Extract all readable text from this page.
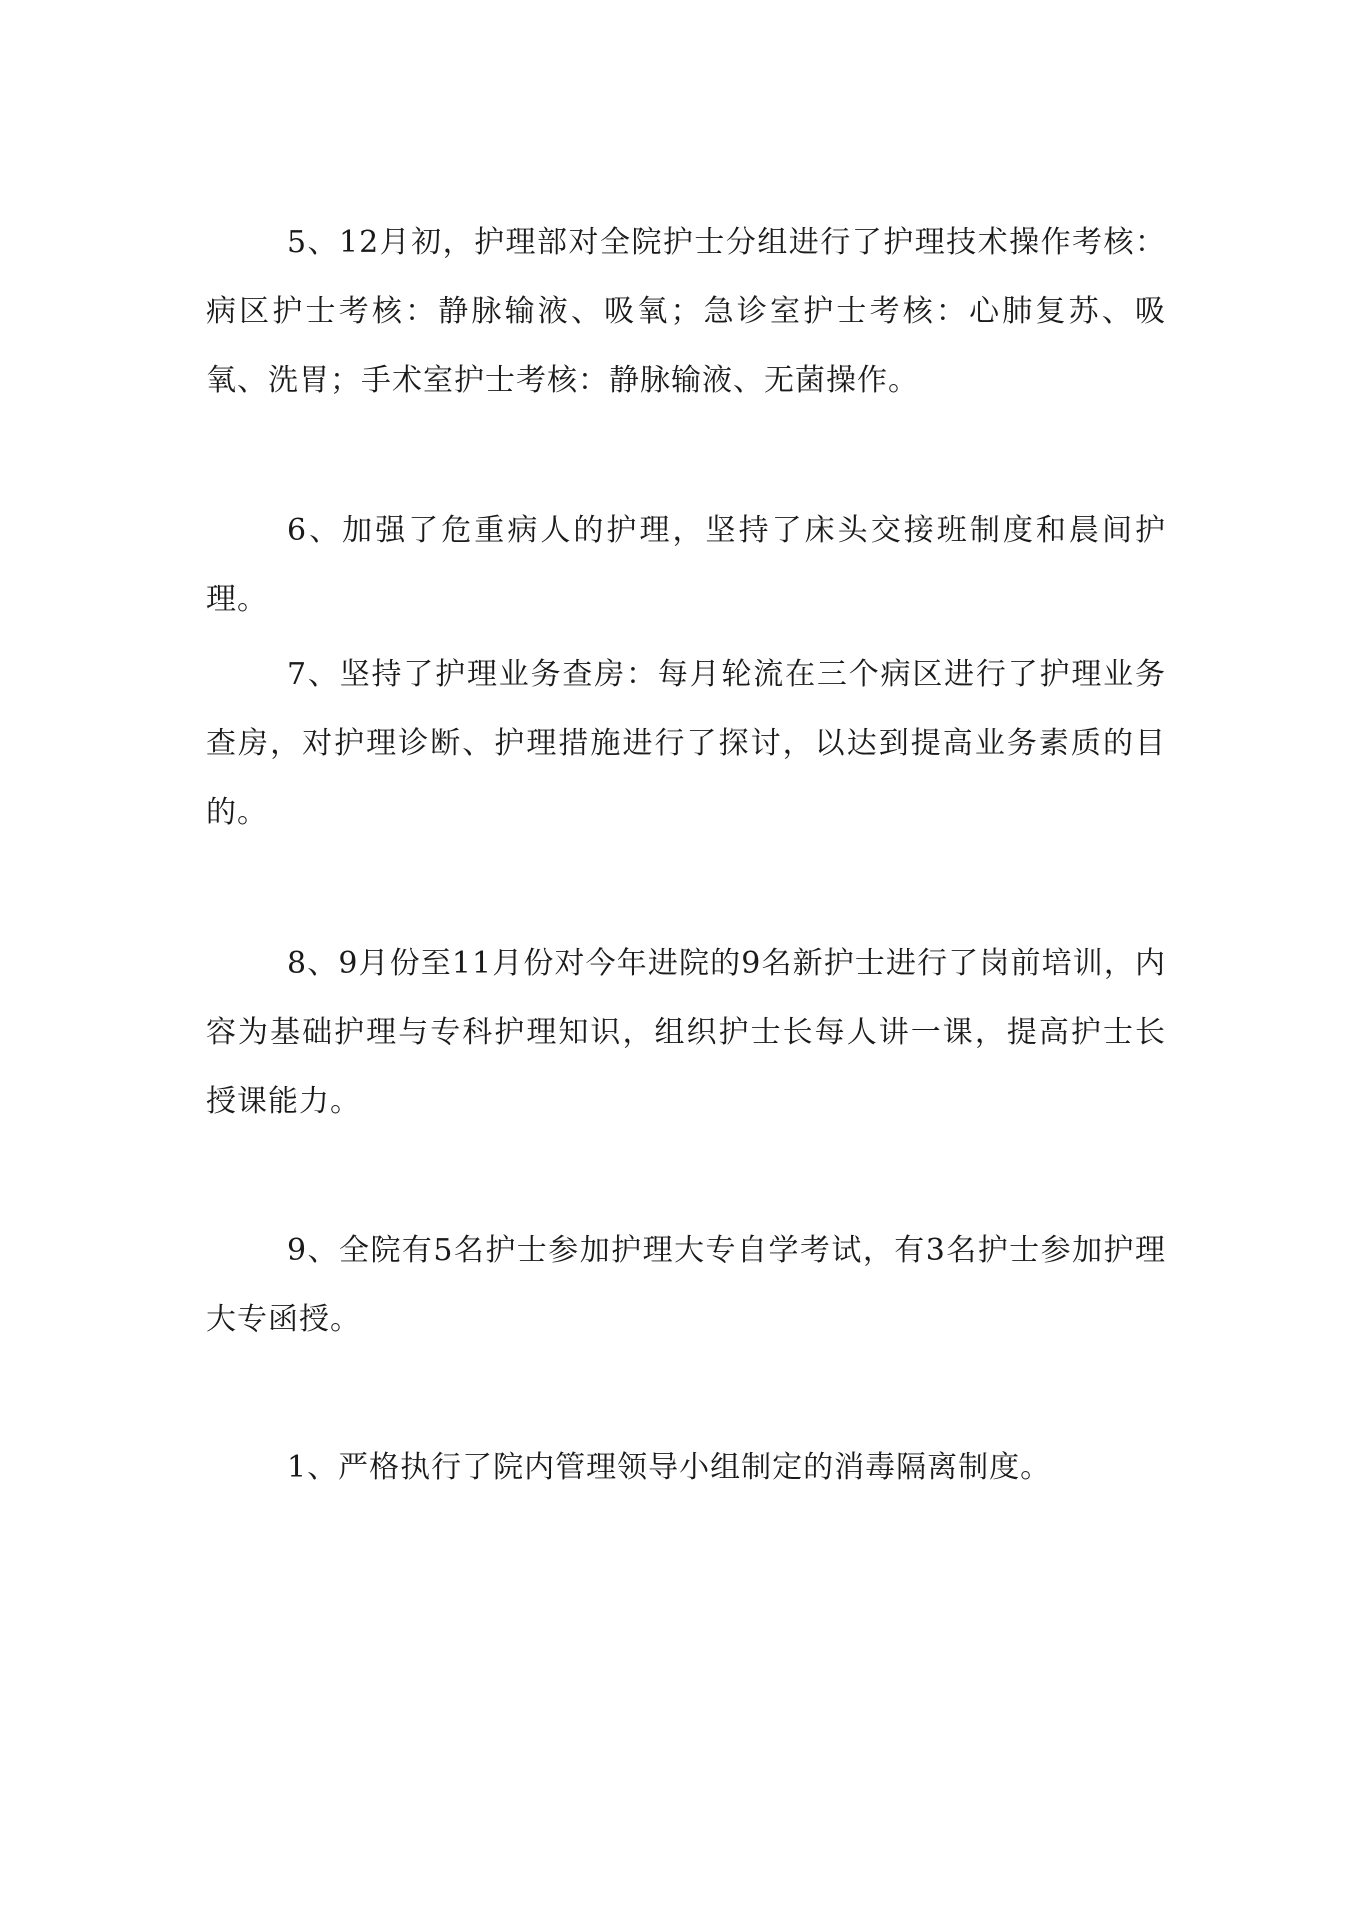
5、12月初，护理部对全院护士分组进行了护理技术操作考核：病区护士考核：静脉输液、吸氧；急诊室护士考核：心肺复苏、吸氧、洗胃；手术室护士考核：静脉输液、无菌操作。

6、加强了危重病人的护理，坚持了床头交接班制度和晨间护理。

7、坚持了护理业务查房：每月轮流在三个病区进行了护理业务查房，对护理诊断、护理措施进行了探讨，以达到提高业务素质的目的。

8、9月份至11月份对今年进院的9名新护士进行了岗前培训，内容为基础护理与专科护理知识，组织护士长每人讲一课，提高护士长授课能力。

9、全院有5名护士参加护理大专自学考试，有3名护士参加护理大专函授。

1、严格执行了院内管理领导小组制定的消毒隔离制度。
